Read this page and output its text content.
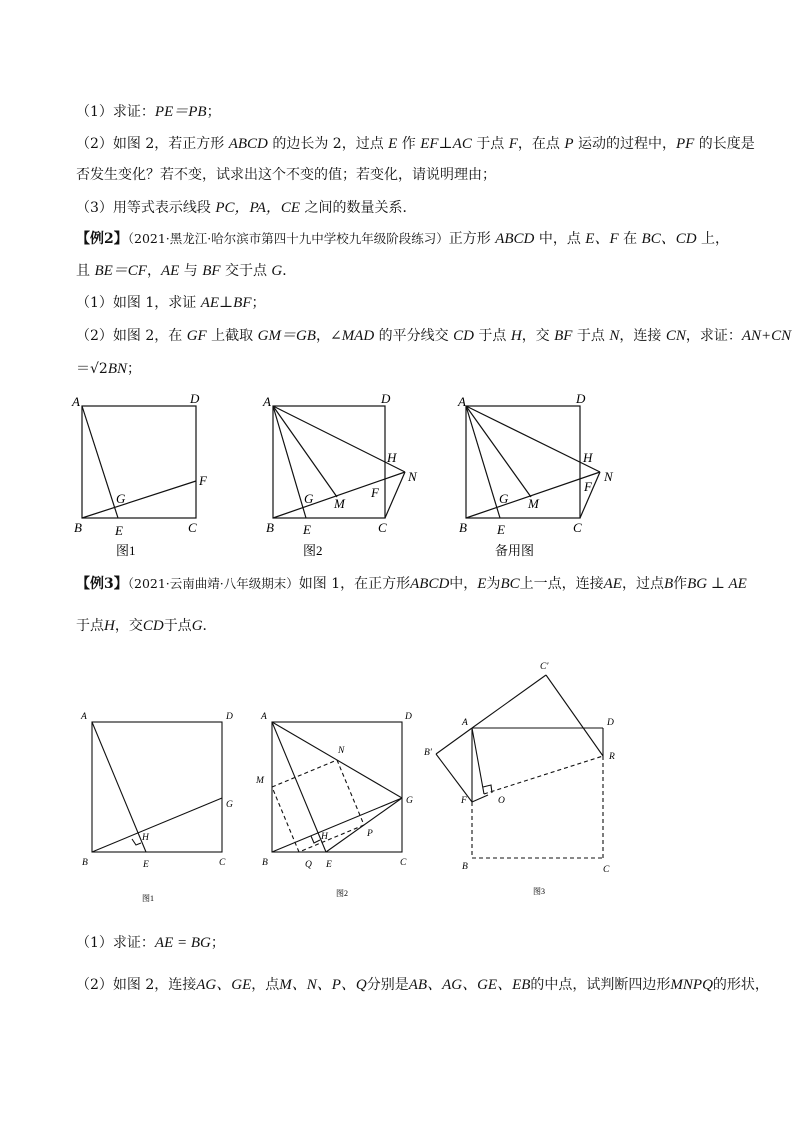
（1）求证：PE＝PB；
（2）如图 2，若正方形 ABCD 的边长为 2，过点 E 作 EF⊥AC 于点 F，在点 P 运动的过程中，PF 的长度是
否发生变化？若不变，试求出这个不变的值；若变化，请说明理由；
（3）用等式表示线段 PC，PA，CE 之间的数量关系．
【例2】（2021·黑龙江·哈尔滨市第四十九中学校九年级阶段练习）正方形 ABCD 中，点 E、F 在 BC、CD 上，
且 BE＝CF，AE 与 BF 交于点 G．
（1）如图 1，求证 AE⊥BF；
（2）如图 2，在 GF 上截取 GM＝GB，∠MAD 的平分线交 CD 于点 H，交 BF 于点 N，连接 CN，求证：AN+CN
＝√2BN；
A	D
B	E	C
G
F
A	D
B E	C
G M
F
H
N
A	D
B E	C
G M
F
H
N
图1	图2	备用图
A	D
B	E	C
G
H
A	D
B	Q E	C
G
M
N
P
H
C′
A	D
B′	R
F	O
B	C
图1
图2	图3
【例3】（2021·云南曲靖·八年级期末）如图 1，在正方形ABCD中，E为BC上一点，连接AE，过点B作BG ⊥ AE
于点H，交CD于点G．
（1）求证：AE = BG；
（2）如图 2，连接AG、GE，点M、N、P、Q分别是AB、AG、GE、EB的中点，试判断四边形MNPQ的形状，
